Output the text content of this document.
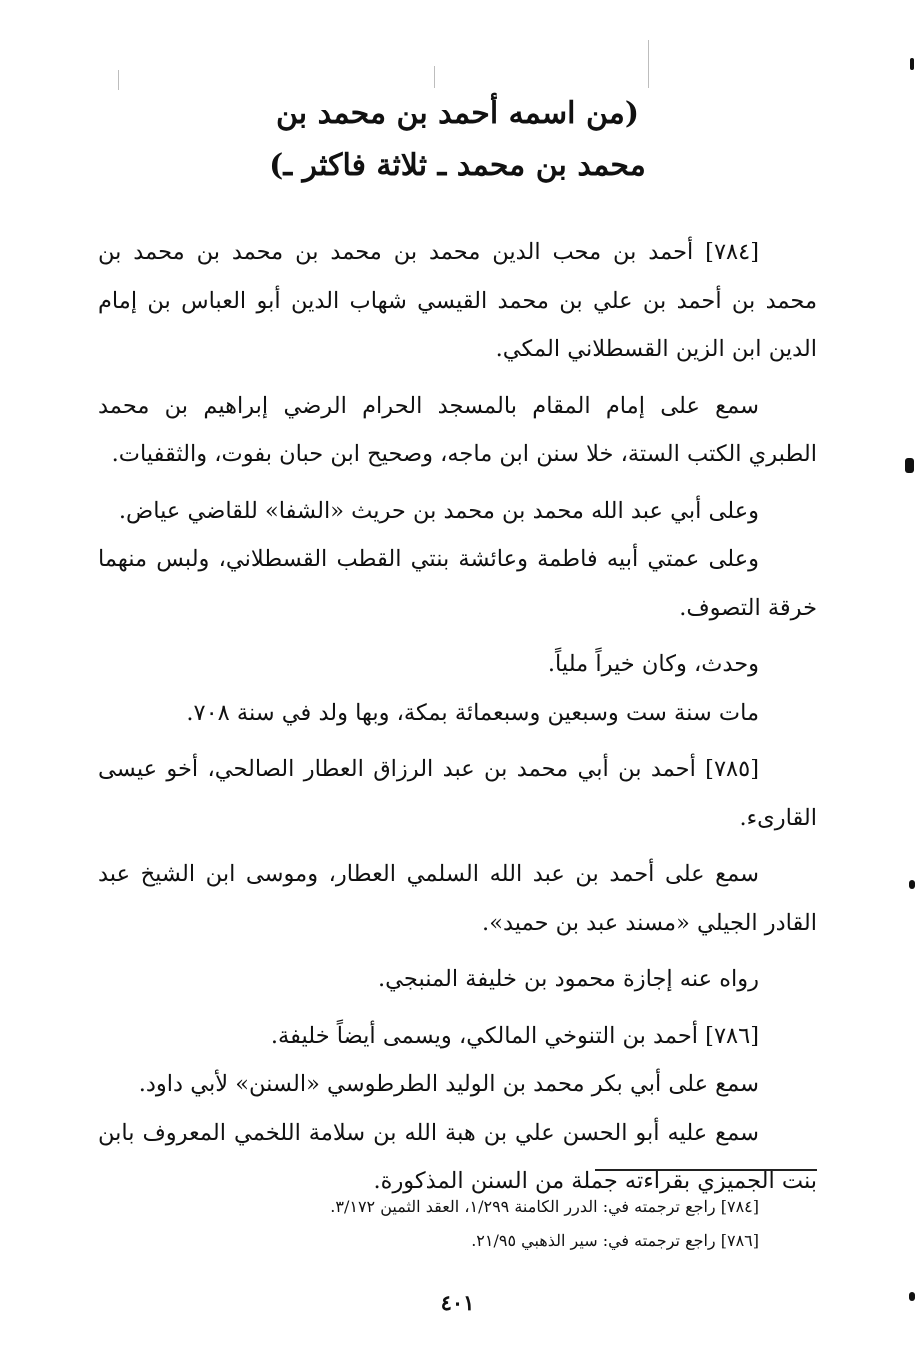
(من اسمه أحمد بن محمد بن
محمد بن محمد ـ ثلاثة فاكثر ـ)

[٧٨٤] أحمد بن محب الدين محمد بن محمد بن محمد بن محمد بن محمد بن أحمد بن علي بن محمد القيسي شهاب الدين أبو العباس بن إمام الدين ابن الزين القسطلاني المكي.

سمع على إمام المقام بالمسجد الحرام الرضي إبراهيم بن محمد الطبري الكتب الستة، خلا سنن ابن ماجه، وصحيح ابن حبان بفوت، والثقفيات.

وعلى أبي عبد الله محمد بن محمد بن حريث «الشفا» للقاضي عياض.

وعلى عمتي أبيه فاطمة وعائشة بنتي القطب القسطلاني، ولبس منهما خرقة التصوف.

وحدث، وكان خيراً ملياً.

مات سنة ست وسبعين وسبعمائة بمكة، وبها ولد في سنة ٧٠٨.

[٧٨٥] أحمد بن أبي محمد بن عبد الرزاق العطار الصالحي، أخو عيسى القارىء.

سمع على أحمد بن عبد الله السلمي العطار، وموسى ابن الشيخ عبد القادر الجيلي «مسند عبد بن حميد».

رواه عنه إجازة محمود بن خليفة المنبجي.

[٧٨٦] أحمد بن التنوخي المالكي، ويسمى أيضاً خليفة.

سمع على أبي بكر محمد بن الوليد الطرطوسي «السنن» لأبي داود.

سمع عليه أبو الحسن علي بن هبة الله بن سلامة اللخمي المعروف بابن بنت الجميزي بقراءته جملة من السنن المذكورة.

[٧٨٤] راجع ترجمته في: الدرر الكامنة ١/٢٩٩، العقد الثمين ٣/١٧٢.

[٧٨٦] راجع ترجمته في: سير الذهبي ٢١/٩٥.

٤٠١
